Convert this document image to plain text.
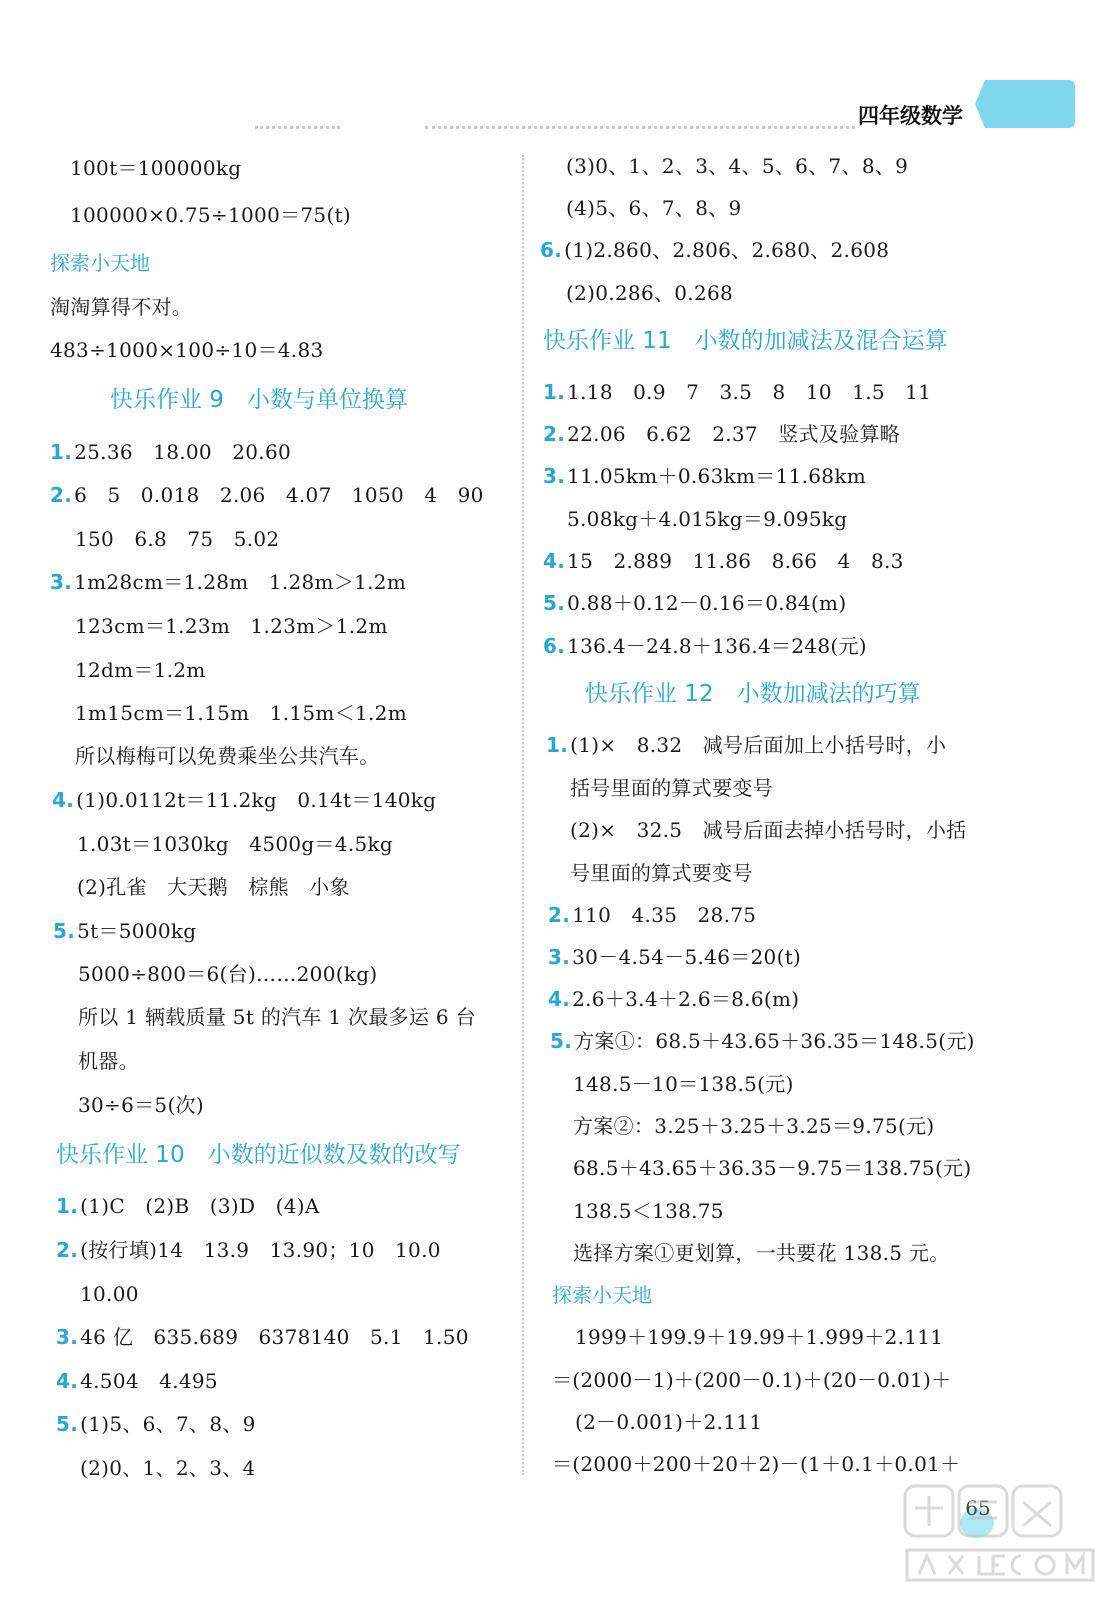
四年级数学
100t＝100000kg
100000×0.75÷1000＝75(t)
探索小天地
淘淘算得不对。
483÷1000×100÷10＝4.83
快乐作业 9　小数与单位换算
1. 25.36　18.00　20.60
2. 6　5　0.018　2.06　4.07　1050　4　90
150　6.8　75　5.02
3. 1m28cm＝1.28m　1.28m＞1.2m
123cm＝1.23m　1.23m＞1.2m
12dm＝1.2m
1m15cm＝1.15m　1.15m＜1.2m
所以梅梅可以免费乘坐公共汽车。
4. (1)0.0112t＝11.2kg　0.14t＝140kg
1.03t＝1030kg　4500g＝4.5kg
(2)孔雀　大天鹅　棕熊　小象
5. 5t＝5000kg
5000÷800＝6(台)……200(kg)
所以 1 辆载质量 5t 的汽车 1 次最多运 6 台
机器。
30÷6＝5(次)
快乐作业 10　小数的近似数及数的改写
1. (1)C　(2)B　(3)D　(4)A
2. (按行填)14　13.9　13.90；10　10.0
10.00
3. 46 亿　635.689　6378140　5.1　1.50
4. 4.504　4.495
5. (1)5、6、7、8、9
(2)0、1、2、3、4
(3)0、1、2、3、4、5、6、7、8、9
(4)5、6、7、8、9
6. (1)2.860、2.806、2.680、2.608
(2)0.286、0.268
快乐作业 11　小数的加减法及混合运算
1. 1.18　0.9　7　3.5　8　10　1.5　11
2. 22.06　6.62　2.37　竖式及验算略
3. 11.05km＋0.63km＝11.68km
5.08kg＋4.015kg＝9.095kg
4. 15　2.889　11.86　8.66　4　8.3
5. 0.88＋0.12－0.16＝0.84(m)
6. 136.4－24.8＋136.4＝248(元)
快乐作业 12　小数加减法的巧算
1. (1)×　8.32　减号后面加上小括号时，小
括号里面的算式要变号
(2)×　32.5　减号后面去掉小括号时，小括
号里面的算式要变号
2. 110　4.35　28.75
3. 30－4.54－5.46＝20(t)
4. 2.6＋3.4＋2.6＝8.6(m)
5. 方案①：68.5＋43.65＋36.35＝148.5(元)
148.5－10＝138.5(元)
方案②：3.25＋3.25＋3.25＝9.75(元)
68.5＋43.65＋36.35－9.75＝138.75(元)
138.5＜138.75
选择方案①更划算，一共要花 138.5 元。
探索小天地
1999＋199.9＋19.99＋1.999＋2.111
＝(2000－1)＋(200－0.1)＋(20－0.01)＋
(2－0.001)＋2.111
＝(2000＋200＋20＋2)－(1＋0.1＋0.01＋
65
